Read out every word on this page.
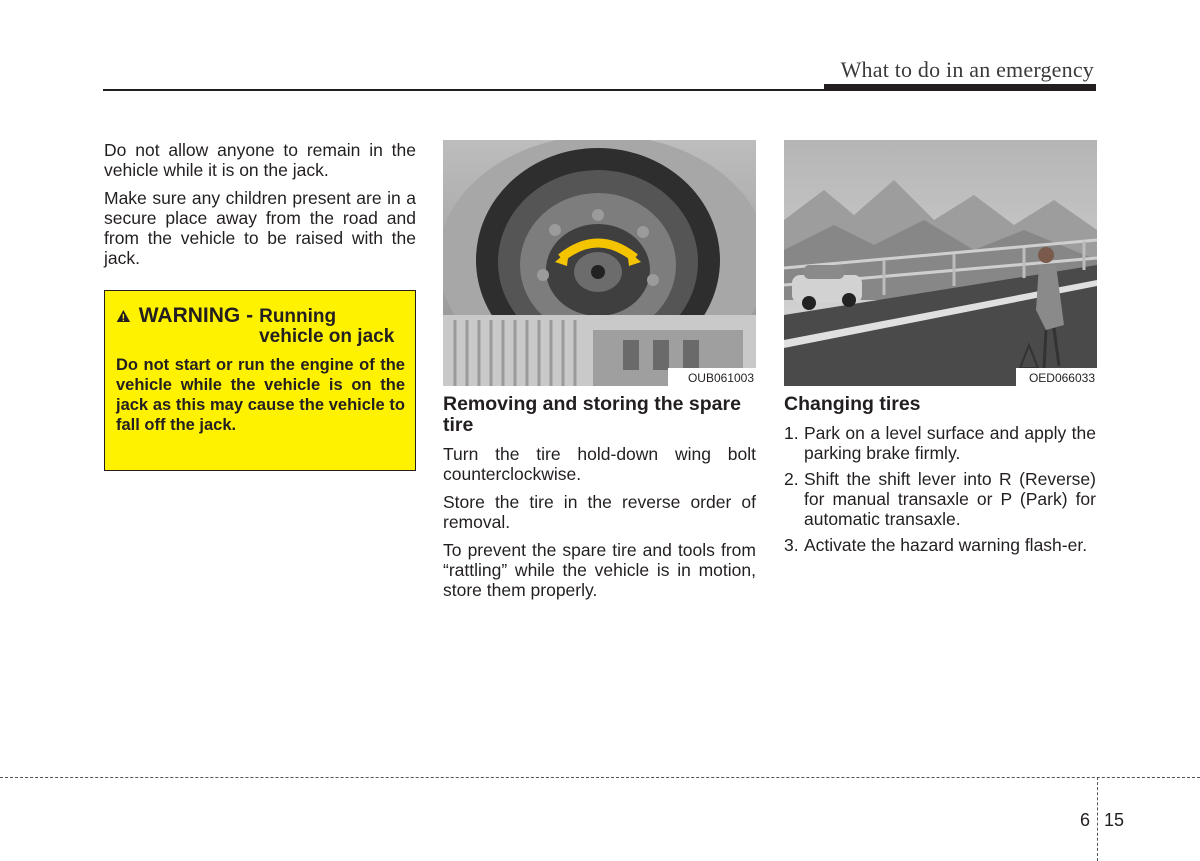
What to do in an emergency

Do not allow anyone to remain in the vehicle while it is on the jack.

Make sure any children present are in a secure place away from the road and from the vehicle to be raised with the jack.

WARNING - Running vehicle on jack
Do not start or run the engine of the vehicle while the vehicle is on the jack as this may cause the vehicle to fall off the jack.
OUB061003
Removing and storing the spare tire

Turn the tire hold-down wing bolt counterclockwise.

Store the tire in the reverse order of removal.

To prevent the spare tire and tools from “rattling” while the vehicle is in motion, store them properly.

OED066033
Changing tires
1. Park on a level surface and apply the parking brake firmly.
2. Shift the shift lever into R (Reverse) for manual transaxle or P (Park) for automatic transaxle.
3. Activate the hazard warning flash-er.
6 15
